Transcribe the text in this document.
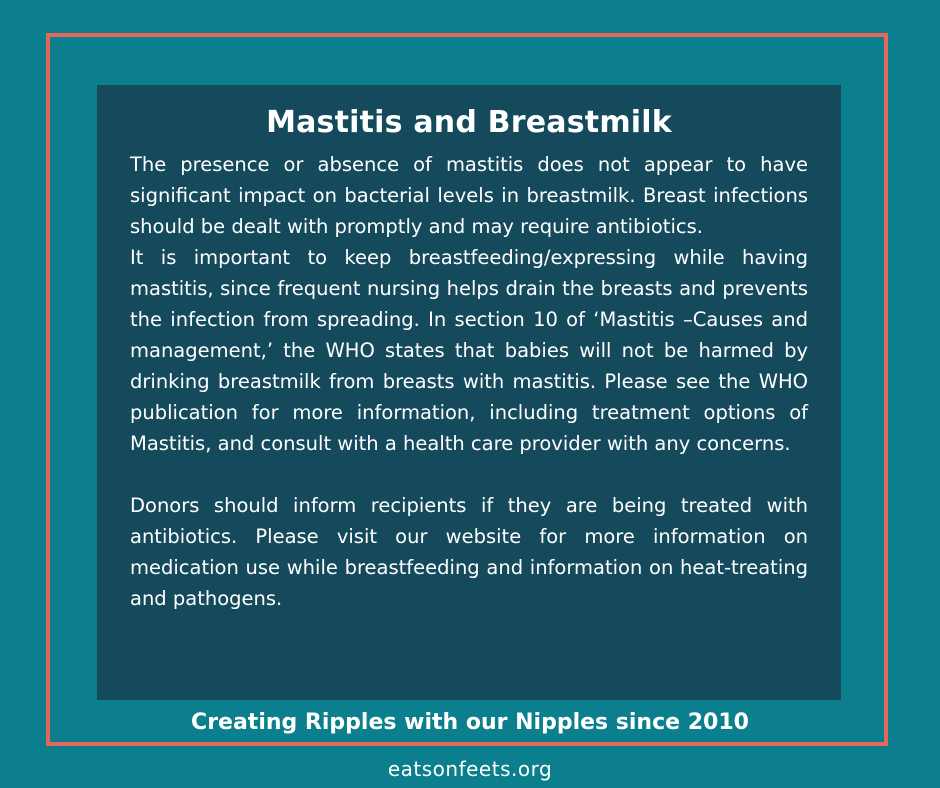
Mastitis and Breastmilk

The presence or absence of mastitis does not appear to have significant impact on bacterial levels in breastmilk. Breast infections should be dealt with promptly and may require antibiotics.

It is important to keep breastfeeding/expressing while having mastitis, since frequent nursing helps drain the breasts and prevents the infection from spreading. In section 10 of ‘Mastitis –Causes and management,’ the WHO states that babies will not be harmed by drinking breastmilk from breasts with mastitis. Please see the WHO publication for more information, including treatment options of Mastitis, and consult with a health care provider with any concerns.

Donors should inform recipients if they are being treated with antibiotics. Please visit our website for more information on medication use while breastfeeding and information on heat-treating and pathogens.

Creating Ripples with our Nipples since 2010
eatsonfeets.org
